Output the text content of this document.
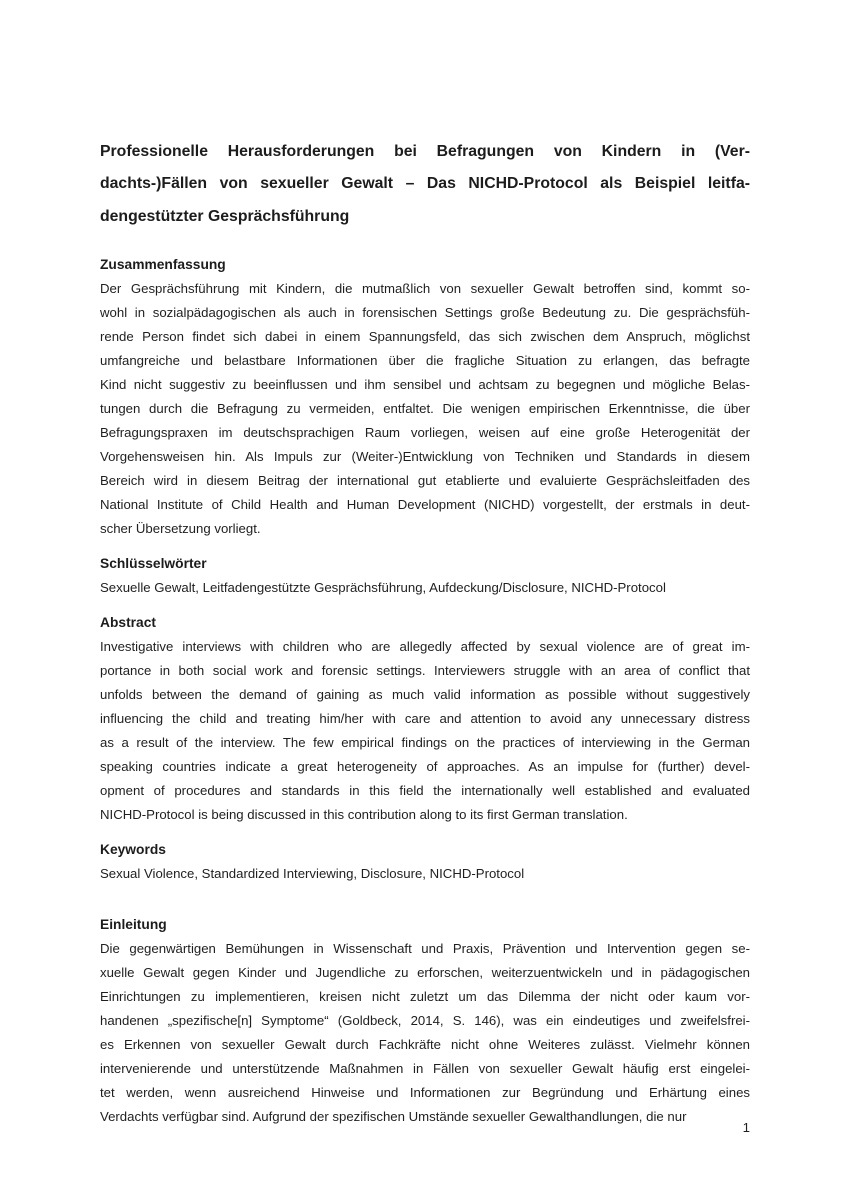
Professionelle Herausforderungen bei Befragungen von Kindern in (Ver-
dachts-)Fällen von sexueller Gewalt – Das NICHD-Protocol als Beispiel leitfa-
dengestützter Gesprächsführung
Zusammenfassung
Der Gesprächsführung mit Kindern, die mutmaßlich von sexueller Gewalt betroffen sind, kommt so-
wohl in sozialpädagogischen als auch in forensischen Settings große Bedeutung zu. Die gesprächsfüh-
rende Person findet sich dabei in einem Spannungsfeld, das sich zwischen dem Anspruch, möglichst
umfangreiche und belastbare Informationen über die fragliche Situation zu erlangen, das befragte
Kind nicht suggestiv zu beeinflussen und ihm sensibel und achtsam zu begegnen und mögliche Belas-
tungen durch die Befragung zu vermeiden, entfaltet. Die wenigen empirischen Erkenntnisse, die über
Befragungspraxen im deutschsprachigen Raum vorliegen, weisen auf eine große Heterogenität der
Vorgehensweisen hin. Als Impuls zur (Weiter-)Entwicklung von Techniken und Standards in diesem
Bereich wird in diesem Beitrag der international gut etablierte und evaluierte Gesprächsleitfaden des
National Institute of Child Health and Human Development (NICHD) vorgestellt, der erstmals in deut-
scher Übersetzung vorliegt.
Schlüsselwörter
Sexuelle Gewalt, Leitfadengestützte Gesprächsführung, Aufdeckung/Disclosure, NICHD-Protocol
Abstract
Investigative interviews with children who are allegedly affected by sexual violence are of great im-
portance in both social work and forensic settings. Interviewers struggle with an area of conflict that
unfolds between the demand of gaining as much valid information as possible without suggestively
influencing the child and treating him/her with care and attention to avoid any unnecessary distress
as a result of the interview. The few empirical findings on the practices of interviewing in the German
speaking countries indicate a great heterogeneity of approaches. As an impulse for (further) devel-
opment of procedures and standards in this field the internationally well established and evaluated
NICHD-Protocol is being discussed in this contribution along to its first German translation.
Keywords
Sexual Violence, Standardized Interviewing, Disclosure, NICHD-Protocol
Einleitung
Die gegenwärtigen Bemühungen in Wissenschaft und Praxis, Prävention und Intervention gegen se-
xuelle Gewalt gegen Kinder und Jugendliche zu erforschen, weiterzuentwickeln und in pädagogischen
Einrichtungen zu implementieren, kreisen nicht zuletzt um das Dilemma der nicht oder kaum vor-
handenen „spezifische[n] Symptome“ (Goldbeck, 2014, S. 146), was ein eindeutiges und zweifelsfrei-
es Erkennen von sexueller Gewalt durch Fachkräfte nicht ohne Weiteres zulässt. Vielmehr können
intervenierende und unterstützende Maßnahmen in Fällen von sexueller Gewalt häufig erst eingelei-
tet werden, wenn ausreichend Hinweise und Informationen zur Begründung und Erhärtung eines
Verdachts verfügbar sind. Aufgrund der spezifischen Umstände sexueller Gewalthandlungen, die nur
1
